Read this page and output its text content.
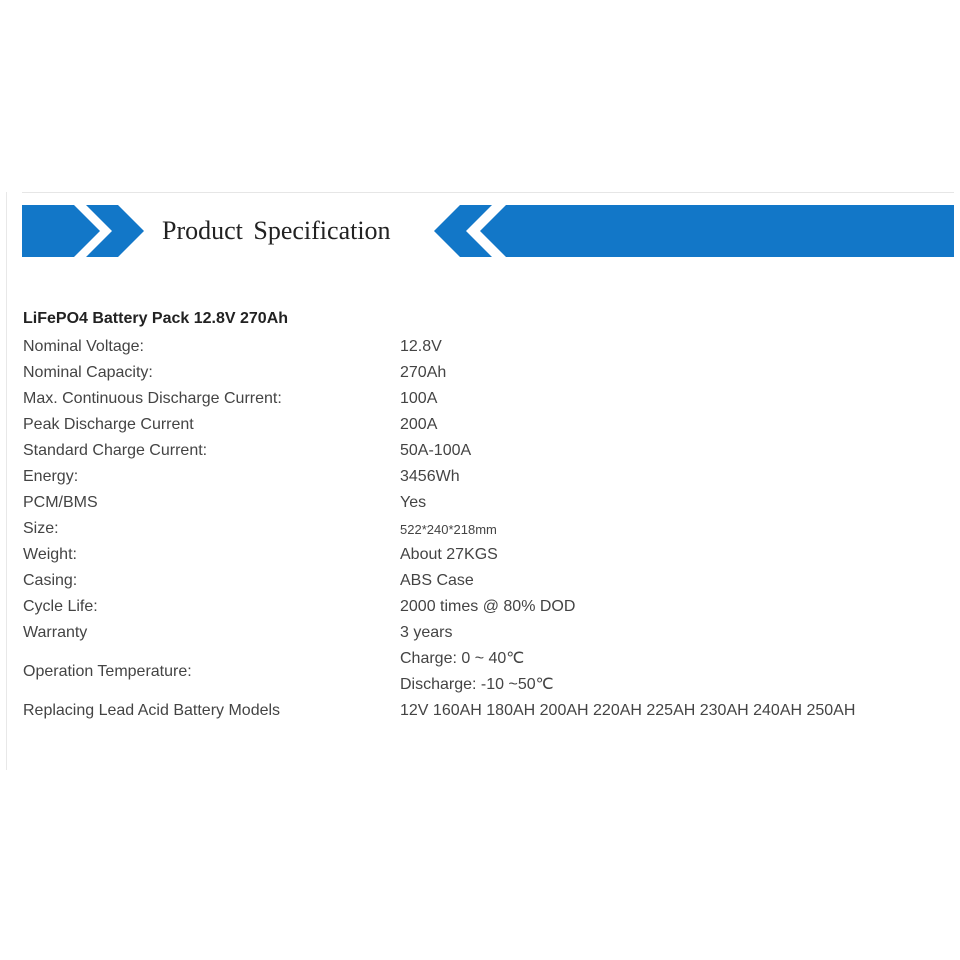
Product Specification
LiFePO4 Battery Pack 12.8V 270Ah
Nominal Voltage:	12.8V
Nominal Capacity:	270Ah
Max. Continuous Discharge Current:	100A
Peak Discharge Current	200A
Standard Charge Current:	50A-100A
Energy:	3456Wh
PCM/BMS	Yes
Size:	522*240*218mm
Weight:	About 27KGS
Casing:	ABS Case
Cycle Life:	2000 times @ 80% DOD
Warranty	3 years
Operation Temperature:
Charge: 0 ~ 40℃
Discharge: -10 ~50℃
Replacing Lead Acid Battery Models	12V 160AH 180AH 200AH 220AH 225AH 230AH 240AH 250AH
